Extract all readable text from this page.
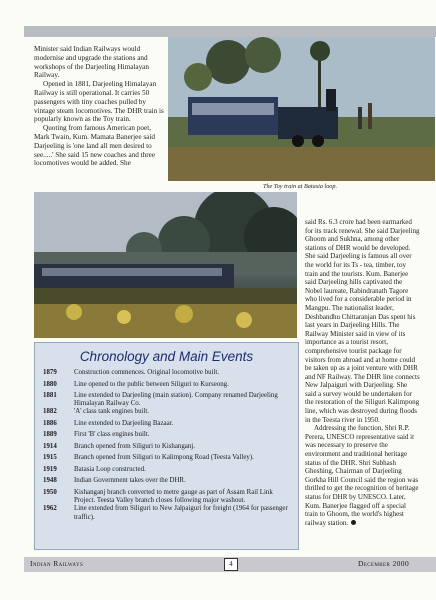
Minister said Indian Railways would modernise and upgrade the stations and workshops of the Darjeeling Himalayan Railway.

Opened in 1881, Darjeeling Himalayan Railway is still operational. It carries 50 passengers with tiny coaches pulled by vintage steam locomotives. The DHR train is popularly known as the Toy train.

Quoting from famous American poet, Mark Twain, Kum. Mamata Banerjee said Darjeeling is 'one land all men desired to see.....' She said 15 new coaches and three locomotives would be added. She

The Toy train at Batasia loop.
Chronology and Main Events
1879	Construction commences. Original locomotive built.
1880	Line opened to the public between Siliguri to Kurseong.
1881	Line extended to Darjeeling (main station). Company renamed Darjeeling Himalayan Railway Co.
1882	'A' class tank engines built.
1886	Line extended to Darjeeling Bazaar.
1889	First 'B' class engines built.
1914	Branch opened from Siliguri to Kishanganj.
1915	Branch opened from Siliguri to Kalimpong Road (Teesta Valley).
1919	Batasia Loop constructed.
1948	Indian Government takes over the DHR.
1950	Kishanganj branch converted to metre gauge as part of Assam Rail Link Project. Teesta Valley branch closes following major washout.
1962	Line extended from Siliguri to New Jalpaiguri for freight (1964 for passenger traffic).

said Rs. 6.3 crore had been earmarked for its track renewal. She said Darjeeling Ghoom and Sukhna, among other stations of DHR would be developed. She said Darjeeling is famous all over the world for its Ts - tea, timber, toy train and the tourists. Kum. Banerjee said Darjeeling hills captivated the Nobel laureate, Rabindranath Tagore who lived for a considerable period in Mangpu. The nationalist leader, Deshbandhu Chittaranjan Das spent his last years in Darjeeling Hills. The Railway Minister said in view of its importance as a tourist resort, comprehensive tourist package for visitors from abroad and at home could be taken up as a joint venture with DHR and NF Railway. The DHR line connects New Jalpaiguri with Darjeeling. She said a survey would be undertaken for the restoration of the Siliguri Kalimpong line, which was destroyed during floods in the Teesta river in 1950.

Addressing the function, Shri R.P. Perera, UNESCO representative said it was necessary to preserve the environment and traditional heritage status of the DHR. Shri Subhash Gheshing, Chairman of Darjeeling Gorkha Hill Council said the region was thrilled to get the recognition of heritage status for DHR by UNESCO. Later, Kum. Banerjee flagged off a special train to Ghoom, the world's highest railway station.

Indian Railways	4	December 2000
